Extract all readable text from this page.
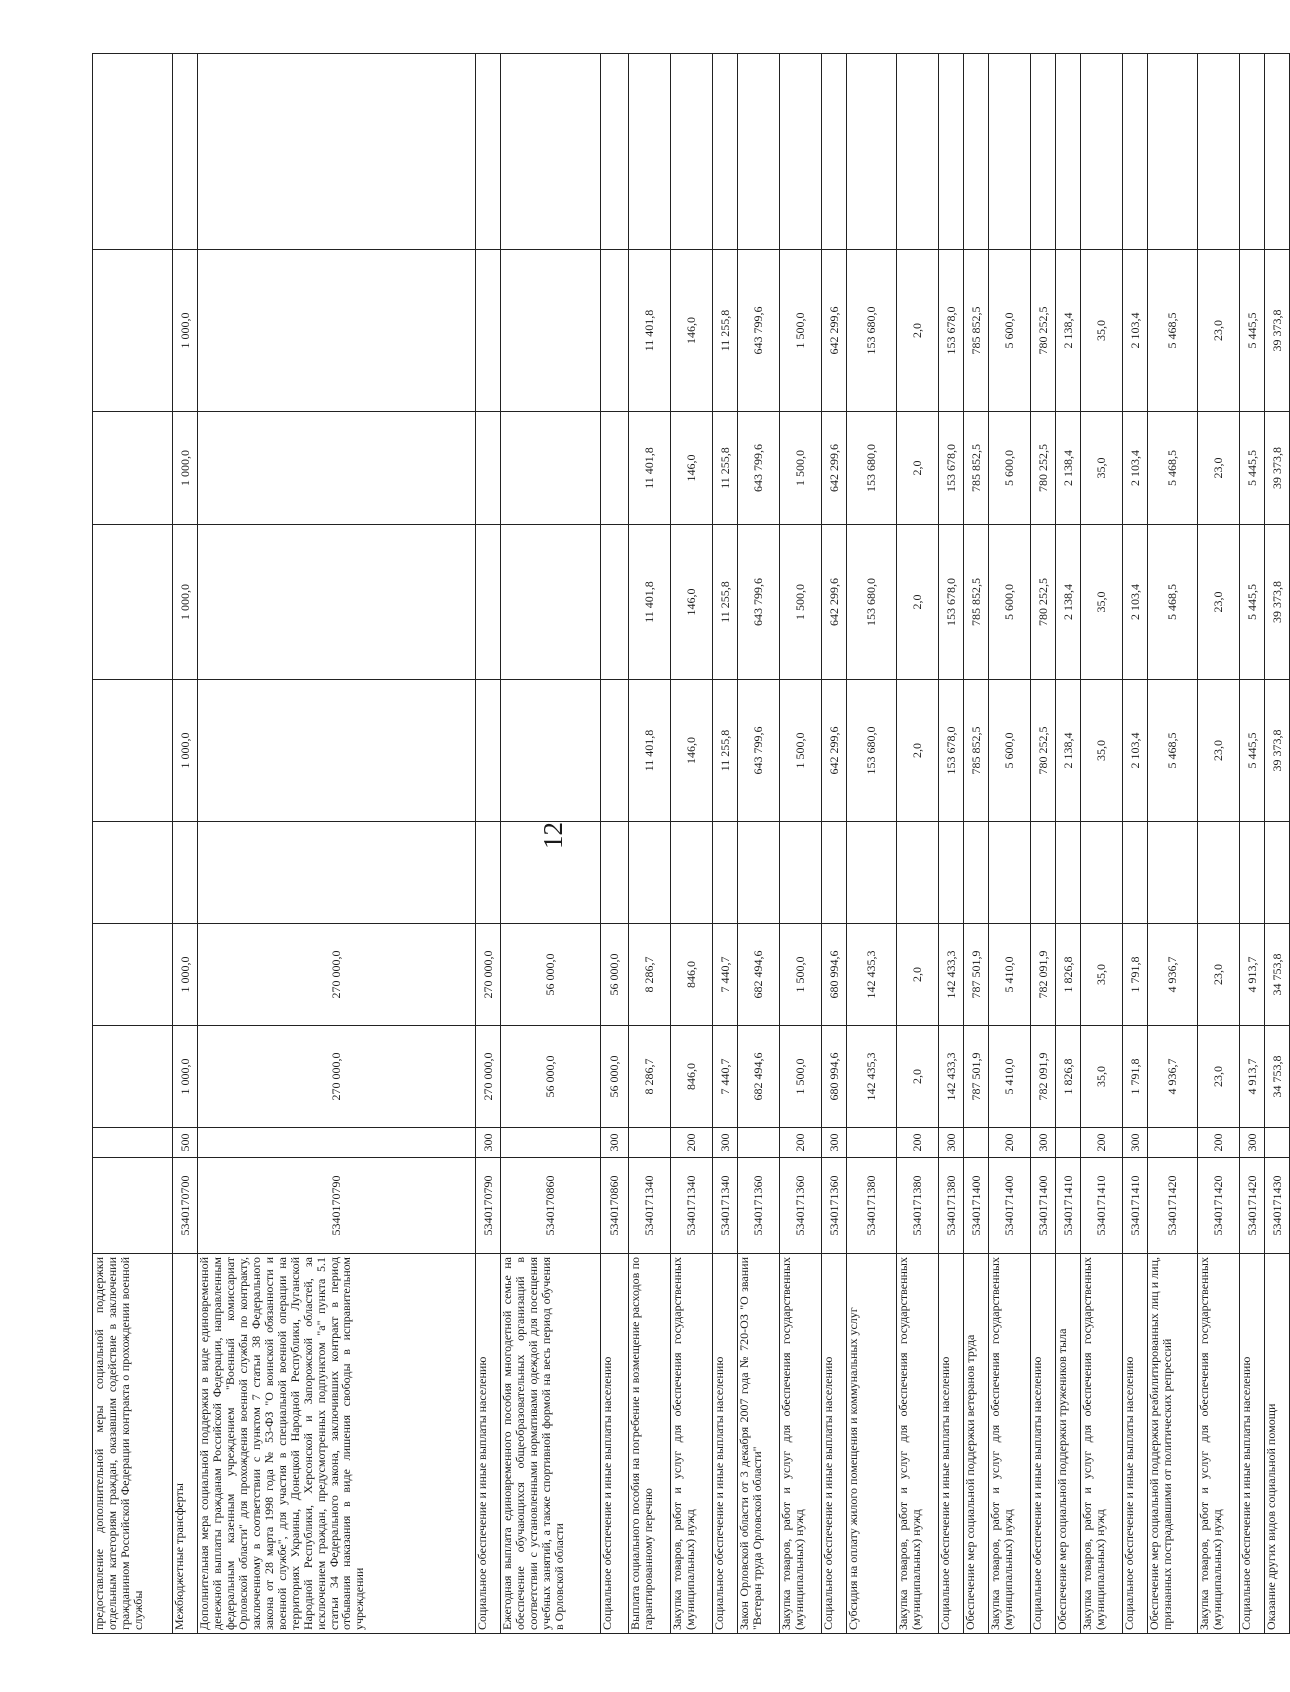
12
предоставление дополнительной меры социальной поддержки отдельным категориям граждан, оказавшим содействие в заключении гражданином Российской Федерации контракта о прохождении военной службы										
Межбюджетные трансферты	5340170700	500	1 000,0	1 000,0		1 000,0	1 000,0	1 000,0	1 000,0	
Дополнительная мера социальной поддержки в виде единовременной денежной выплаты гражданам Российской Федерации, направленным федеральным казенным учреждением "Военный комиссариат Орловской области" для прохождения военной службы по контракту, заключенному в соответствии с пунктом 7 статьи 38 Федерального закона от 28 марта 1998 года № 53-ФЗ "О воинской обязанности и военной службе", для участия в специальной военной операции на территориях Украины, Донецкой Народной Республики, Луганской Народной Республики, Херсонской и Запорожской областей, за исключением граждан, предусмотренных подпунктом "а" пункта 5.1 статьи 34 Федерального закона, заключивших контракт в период отбывания наказания в виде лишения свободы в исправительном учреждении	5340170790		270 000,0	270 000,0						
Социальное обеспечение и иные выплаты населению	5340170790	300	270 000,0	270 000,0						
Ежегодная выплата единовременного пособия многодетной семье на обеспечение обучающихся общеобразовательных организаций в соответствии с установленными нормативами одеждой для посещения учебных занятий, а также спортивной формой на весь период обучения в Орловской области	5340170860		56 000,0	56 000,0						
Социальное обеспечение и иные выплаты населению	5340170860	300	56 000,0	56 000,0						
Выплата социального пособия на погребение и возмещение расходов по гарантированному перечню	5340171340		8 286,7	8 286,7		11 401,8	11 401,8	11 401,8	11 401,8	
Закупка товаров, работ и услуг для обеспечения государственных (муниципальных) нужд	5340171340	200	846,0	846,0		146,0	146,0	146,0	146,0	
Социальное обеспечение и иные выплаты населению	5340171340	300	7 440,7	7 440,7		11 255,8	11 255,8	11 255,8	11 255,8	
Закон Орловской области от 3 декабря 2007 года № 720-ОЗ "О звании "Ветеран труда Орловской области"	5340171360		682 494,6	682 494,6		643 799,6	643 799,6	643 799,6	643 799,6	
Закупка товаров, работ и услуг для обеспечения государственных (муниципальных) нужд	5340171360	200	1 500,0	1 500,0		1 500,0	1 500,0	1 500,0	1 500,0	
Социальное обеспечение и иные выплаты населению	5340171360	300	680 994,6	680 994,6		642 299,6	642 299,6	642 299,6	642 299,6	
Субсидия на оплату жилого помещения и коммунальных услуг	5340171380		142 435,3	142 435,3		153 680,0	153 680,0	153 680,0	153 680,0	
Закупка товаров, работ и услуг для обеспечения государственных (муниципальных) нужд	5340171380	200	2,0	2,0		2,0	2,0	2,0	2,0	
Социальное обеспечение и иные выплаты населению	5340171380	300	142 433,3	142 433,3		153 678,0	153 678,0	153 678,0	153 678,0	
Обеспечение мер социальной поддержки ветеранов труда	5340171400		787 501,9	787 501,9		785 852,5	785 852,5	785 852,5	785 852,5	
Закупка товаров, работ и услуг для обеспечения государственных (муниципальных) нужд	5340171400	200	5 410,0	5 410,0		5 600,0	5 600,0	5 600,0	5 600,0	
Социальное обеспечение и иные выплаты населению	5340171400	300	782 091,9	782 091,9		780 252,5	780 252,5	780 252,5	780 252,5	
Обеспечение мер социальной поддержки тружеников тыла	5340171410		1 826,8	1 826,8		2 138,4	2 138,4	2 138,4	2 138,4	
Закупка товаров, работ и услуг для обеспечения государственных (муниципальных) нужд	5340171410	200	35,0	35,0		35,0	35,0	35,0	35,0	
Социальное обеспечение и иные выплаты населению	5340171410	300	1 791,8	1 791,8		2 103,4	2 103,4	2 103,4	2 103,4	
Обеспечение мер социальной поддержки реабилитированных лиц и лиц, признанных пострадавшими от политических репрессий	5340171420		4 936,7	4 936,7		5 468,5	5 468,5	5 468,5	5 468,5	
Закупка товаров, работ и услуг для обеспечения государственных (муниципальных) нужд	5340171420	200	23,0	23,0		23,0	23,0	23,0	23,0	
Социальное обеспечение и иные выплаты населению	5340171420	300	4 913,7	4 913,7		5 445,5	5 445,5	5 445,5	5 445,5	
Оказание других видов социальной помощи	5340171430		34 753,8	34 753,8		39 373,8	39 373,8	39 373,8	39 373,8	
